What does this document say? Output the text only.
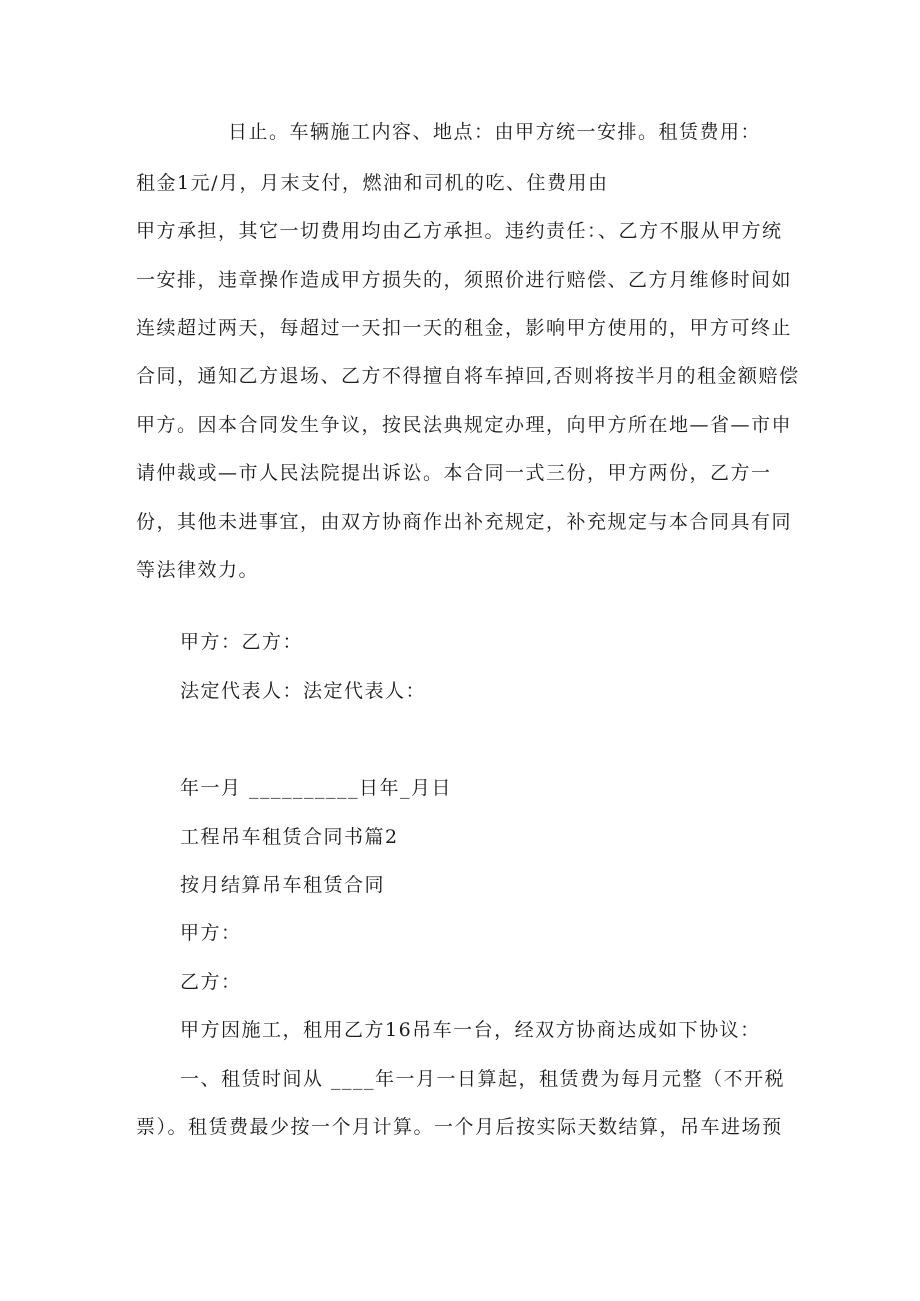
日止。车辆施工内容、地点：由甲方统一安排。租赁费用：
租金1元/月，月末支付，燃油和司机的吃、住费用由
甲方承担，其它一切费用均由乙方承担。违约责任：、乙方不服从甲方统
一安排，违章操作造成甲方损失的，须照价进行赔偿、乙方月维修时间如
连续超过两天，每超过一天扣一天的租金，影响甲方使用的，甲方可终止
合同，通知乙方退场、乙方不得擅自将车掉回,否则将按半月的租金额赔偿
甲方。因本合同发生争议，按民法典规定办理，向甲方所在地—省—市申
请仲裁或—市人民法院提出诉讼。本合同一式三份，甲方两份，乙方一
份，其他未进事宜，由双方协商作出补充规定，补充规定与本合同具有同
等法律效力。
甲方：乙方：
法定代表人：法定代表人：
年一月 __________日年_月日
工程吊车租赁合同书篇2
按月结算吊车租赁合同
甲方：
乙方：
甲方因施工，租用乙方16吊车一台，经双方协商达成如下协议：
一、租赁时间从 ____年一月一日算起，租赁费为每月元整（不开税
票）。租赁费最少按一个月计算。一个月后按实际天数结算，吊车进场预
